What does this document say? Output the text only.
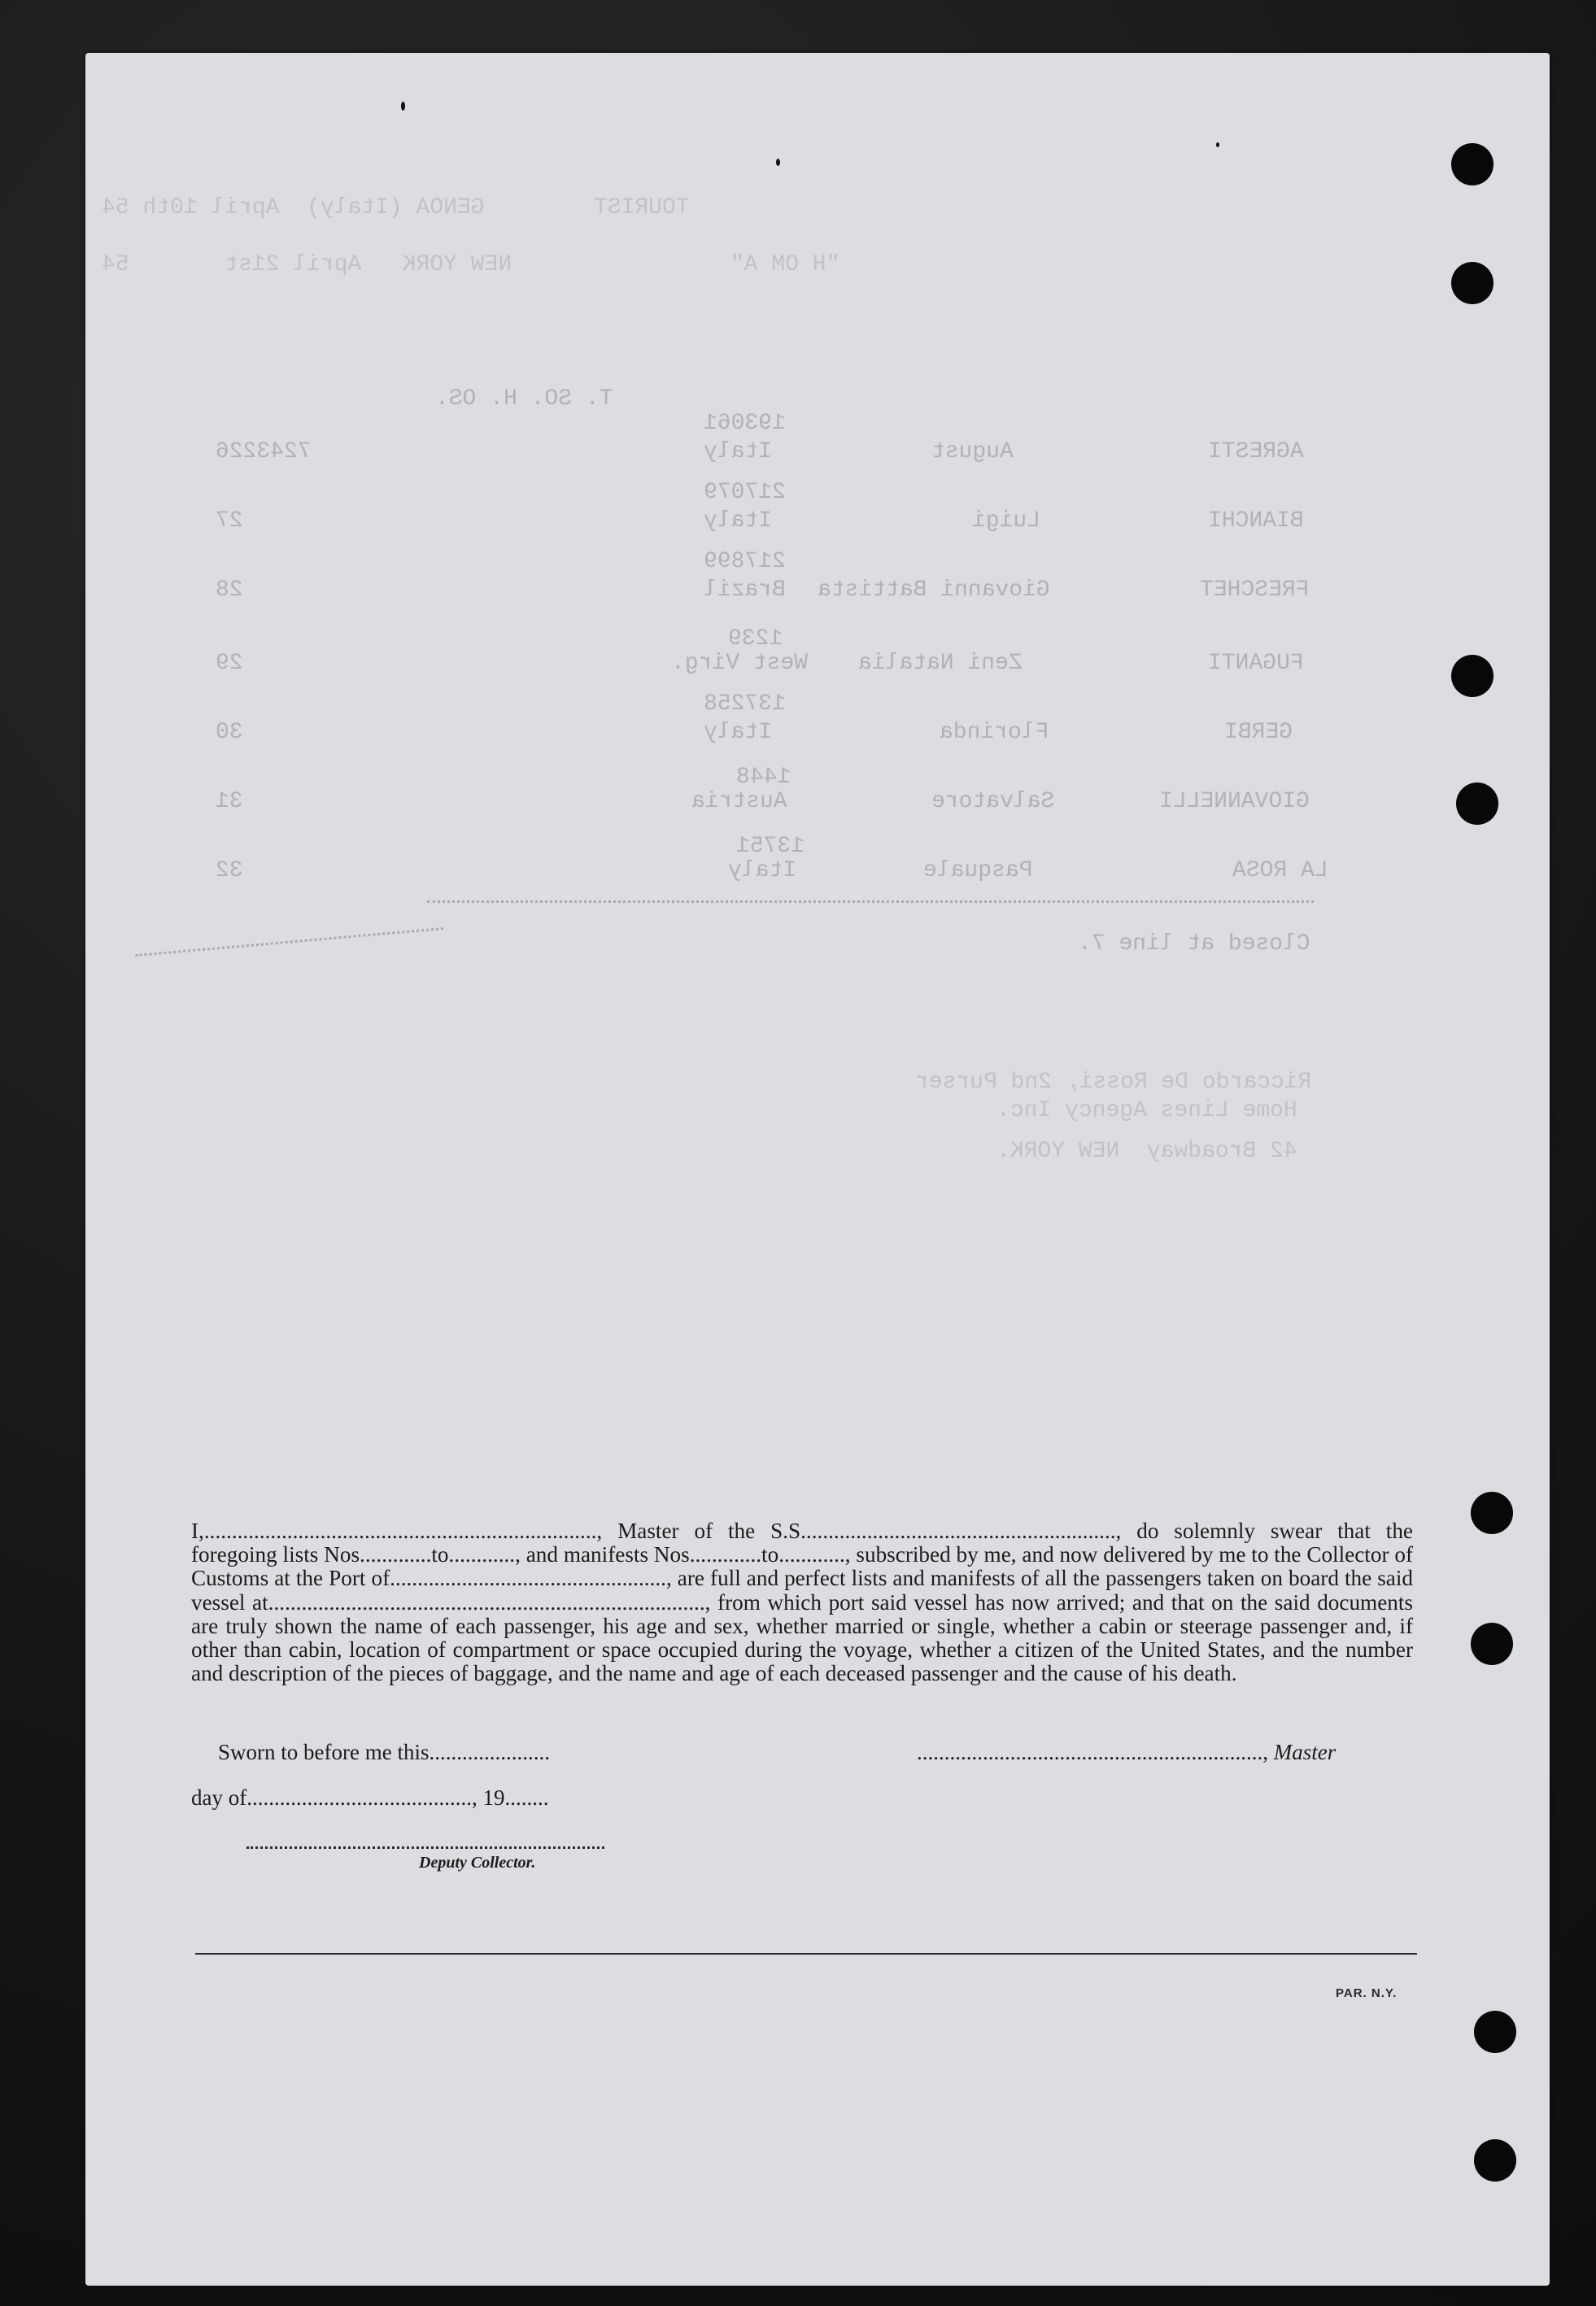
TOURIST        GENOA (Italy)  April 10th 54
"H OM A"                NEW YORK   April 21st       54
T. SO. H. OS.
193061
AGRESTI
August
Italy
7243226
217079
BIANCHI
Luigi
Italy
27
217899
FRESCHET
Giovanni Battista
Brazil
28
1239
FUGANTI
Zeni Natalia
West Virg.
29
137258
GERBI
Florinda
Italy
30
1448
GIOVANNELLI
Salvatore
Austria
31
13751
LA ROSA
Pasquale
Italy
32
Closed at line 7.
Riccardo De Rossi, 2nd Purser
Home Lines Agency Inc.
42 Broadway  NEW YORK.
I,......................................................................., Master of the S.S........................................................., do solemnly swear that the foregoing lists Nos.............to............, and manifests Nos.............to............, subscribed by me, and now delivered by me to the Collector of Customs at the Port of.................................................., are full and perfect lists and manifests of all the passengers taken on board the said vessel at..............................................................................., from which port said vessel has now arrived; and that on the said documents are truly shown the name of each passenger, his age and sex, whether married or single, whether a cabin or steerage passenger and, if other than cabin, location of compartment or space occupied during the voyage, whether a citizen of the United States, and the number and description of the pieces of baggage, and the name and age of each deceased passenger and the cause of his death.
Sworn to before me this......................	..............................................................., Master
day of........................................., 19........
Deputy Collector.
PAR. N.Y.
